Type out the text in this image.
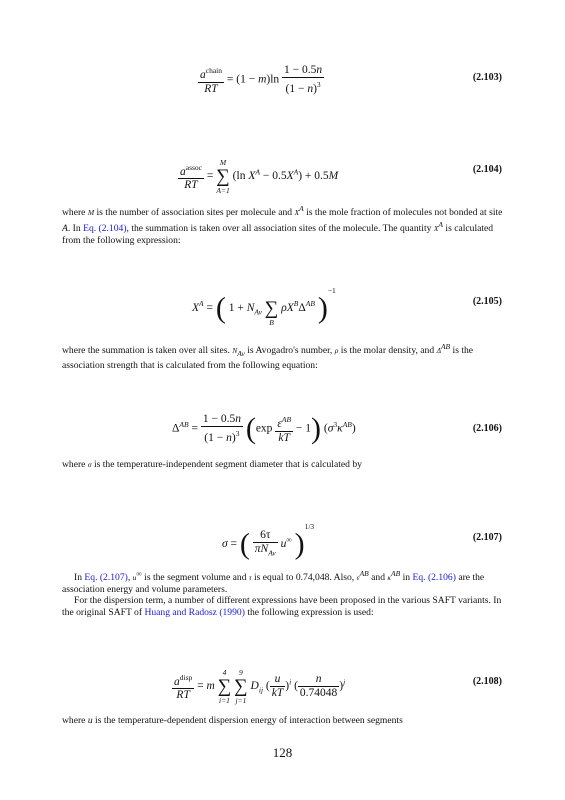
$\frac{a^{chain}}{RT} = (1 - m)\ln \frac{1 - 0.5n}{(1 - n)^3}$	(2.103)
$\frac{a^{assoc}}{RT}$ =
M
∑
A=1
(ln $X^A - 0.5X^A) + 0.5M$
(2.104)
where M is the number of association sites per molecule and $X^A$ is the mole fraction of molecules not bonded at site A. In Eq. (2.104), the summation is taken over all association sites of the molecule. The quantity $X^A$ is calculated from the following expression:
$X^A$ = ( $1 + N_{Av}$
∑
B
$\rho X^B\Delta^{AB}$ )$^{-1}$
(2.105)
where the summation is taken over all sites. $N_{Av}$ is Avogadro's number, ρ is the molar density, and $\Delta^{AB}$ is the association strength that is calculated from the following equation:
$\Delta^{AB} = \frac{1 - 0.5n}{(1 - n)^3} (\exp \frac{\varepsilon^{AB}}{kT} - 1)$ $(\sigma^3\kappa^{AB})$	(2.106)
where σ is the temperature-independent segment diameter that is calculated by
σ = ( $\frac{6\tau}{\pi N_{Av}} u^\infty$ )$^{1/3}$
(2.107)
In Eq. (2.107), u∞ is the segment volume and τ is equal to 0.74,048. Also, $\varepsilon^{AB}$ and $\kappa^{AB}$ in Eq. (2.106) are the association energy and volume parameters.
For the dispersion term, a number of different expressions have been proposed in the various SAFT variants. In the original SAFT of Huang and Radosz (1990) the following expression is used:
$\frac{a^{disp}}{RT} = m$
4
∑
i=1

9
∑
j=1
$D_{ij}$ ( $\frac{u}{kT} )^i$ ( $\frac{n}{0.74048} )^j$	(2.108)
where u is the temperature-dependent dispersion energy of interaction between segments
128
